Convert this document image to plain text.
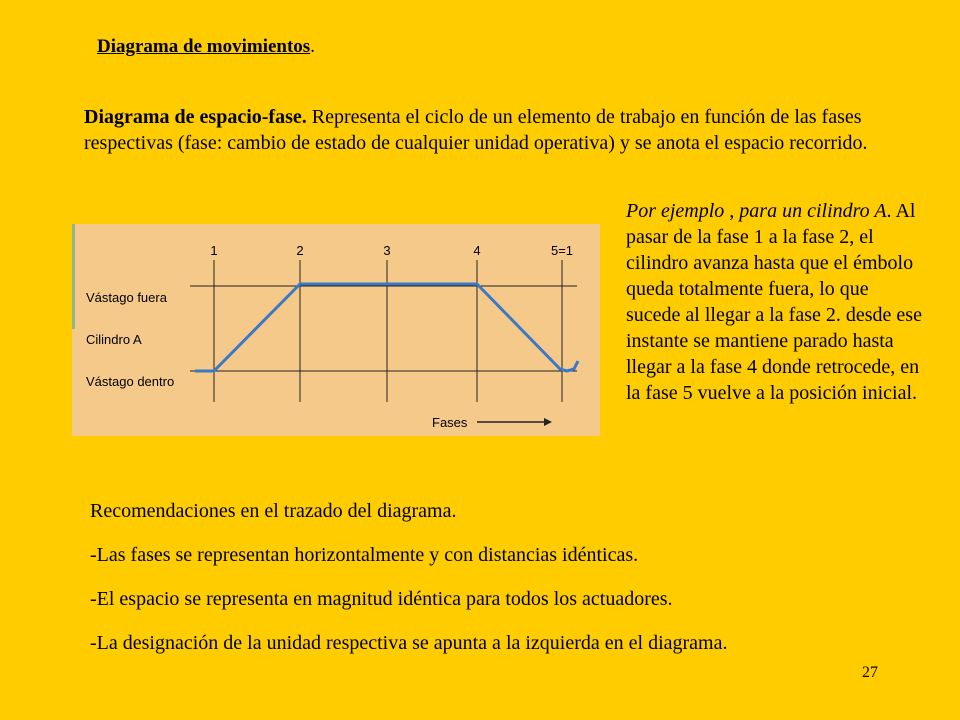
Diagrama de movimientos.
Diagrama de espacio-fase. Representa el ciclo de un elemento de trabajo en función de las fases respectivas (fase: cambio de estado de cualquier unidad operativa) y se anota el espacio recorrido.
Por ejemplo , para un cilindro A. Al pasar de la fase 1 a la fase 2, el cilindro avanza hasta que el émbolo queda totalmente fuera, lo que sucede al llegar a la fase 2. desde ese instante se mantiene parado hasta llegar a la fase 4 donde retrocede, en la fase 5 vuelve a la posición inicial.
1	2	3	4	5=1
Vástago fuera
Cilindro A
Vástago dentro
Fases
Recomendaciones en el trazado del diagrama.
-Las fases se representan horizontalmente y con distancias idénticas.
-El espacio se representa en magnitud idéntica para todos los actuadores.
-La designación de la unidad respectiva se apunta a la izquierda en el diagrama.
27
